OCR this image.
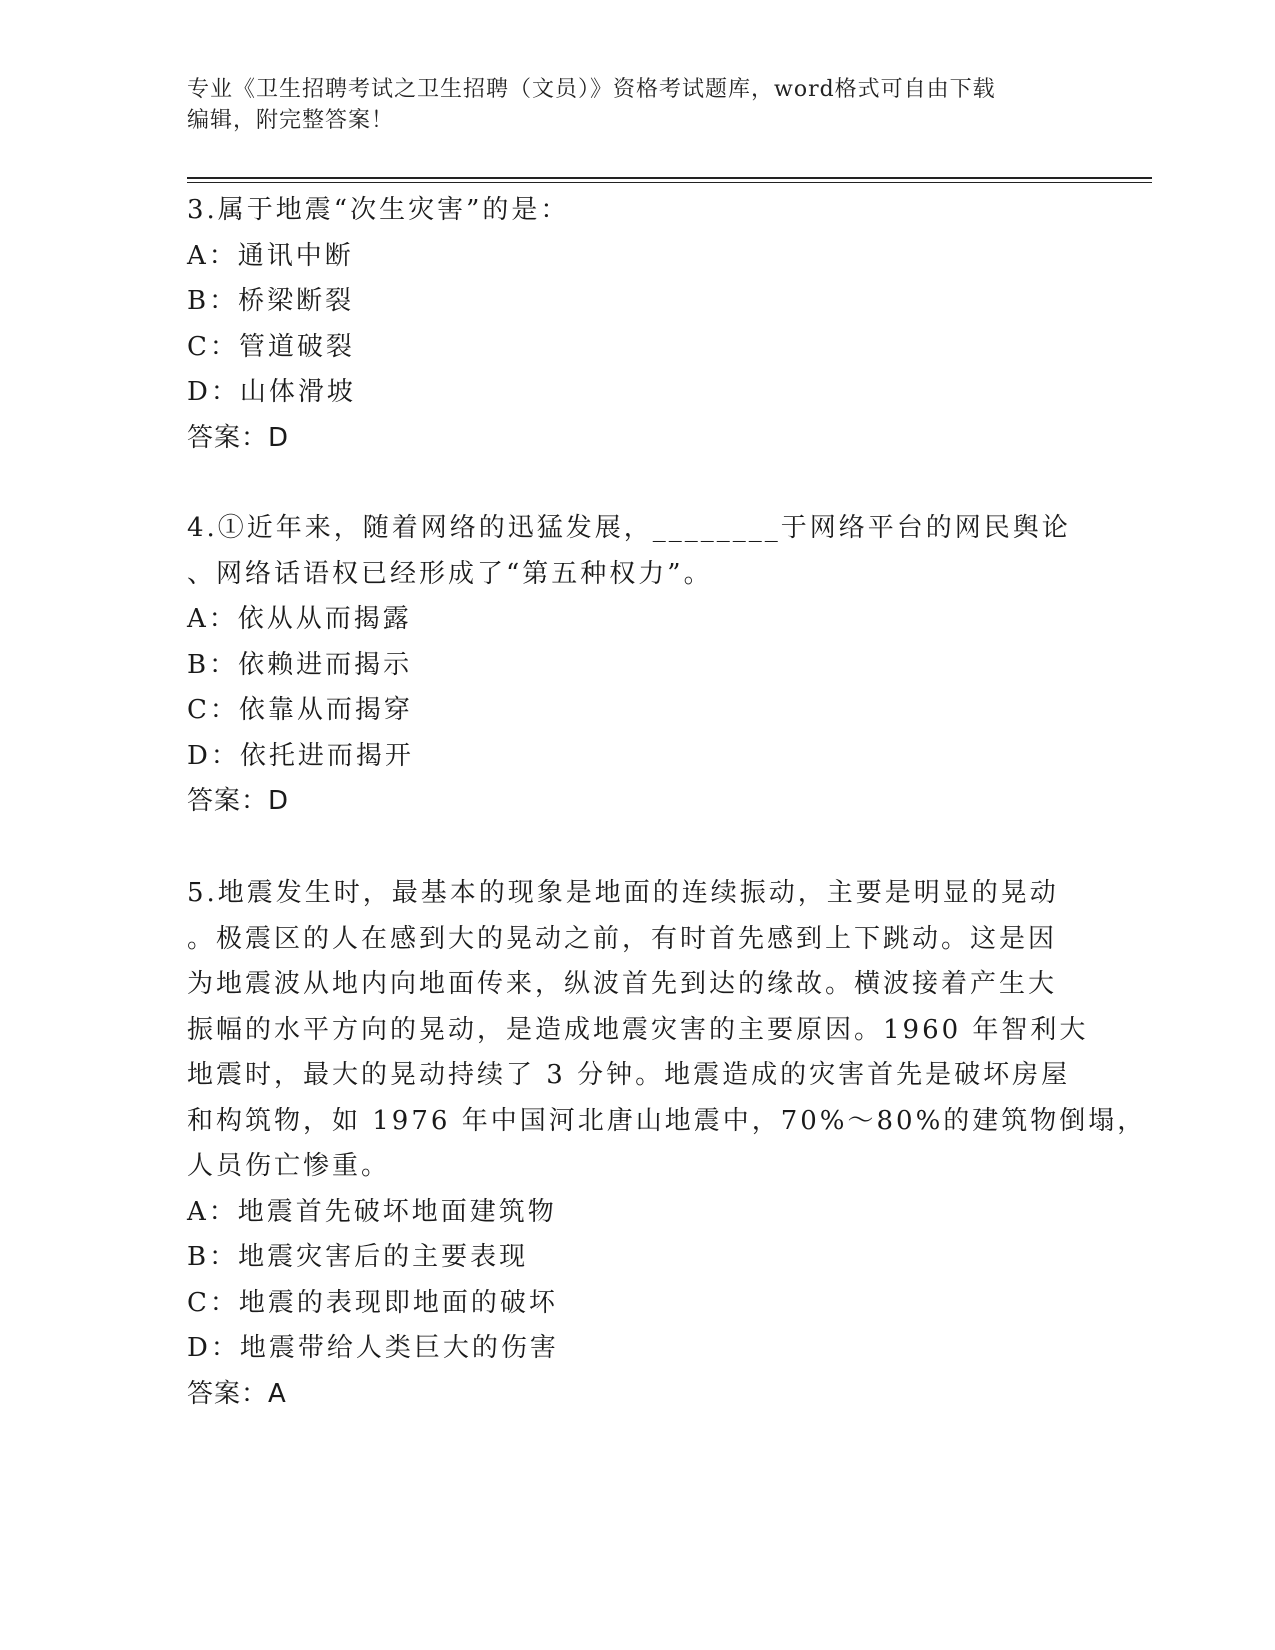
专业《卫生招聘考试之卫生招聘（文员）》资格考试题库，word格式可自由下载
编辑，附完整答案！
3.属于地震“次生灾害”的是：
A：通讯中断
B：桥梁断裂
C：管道破裂
D：山体滑坡
答案：D
4.①近年来，随着网络的迅猛发展，________于网络平台的网民舆论
、网络话语权已经形成了“第五种权力”。
A：依从从而揭露
B：依赖进而揭示
C：依靠从而揭穿
D：依托进而揭开
答案：D
5.地震发生时，最基本的现象是地面的连续振动，主要是明显的晃动
。极震区的人在感到大的晃动之前，有时首先感到上下跳动。这是因
为地震波从地内向地面传来，纵波首先到达的缘故。横波接着产生大
振幅的水平方向的晃动，是造成地震灾害的主要原因。1960 年智利大
地震时，最大的晃动持续了 3 分钟。地震造成的灾害首先是破坏房屋
和构筑物，如 1976 年中国河北唐山地震中，70%～80%的建筑物倒塌，
人员伤亡惨重。
A：地震首先破坏地面建筑物
B：地震灾害后的主要表现
C：地震的表现即地面的破坏
D：地震带给人类巨大的伤害
答案：A
